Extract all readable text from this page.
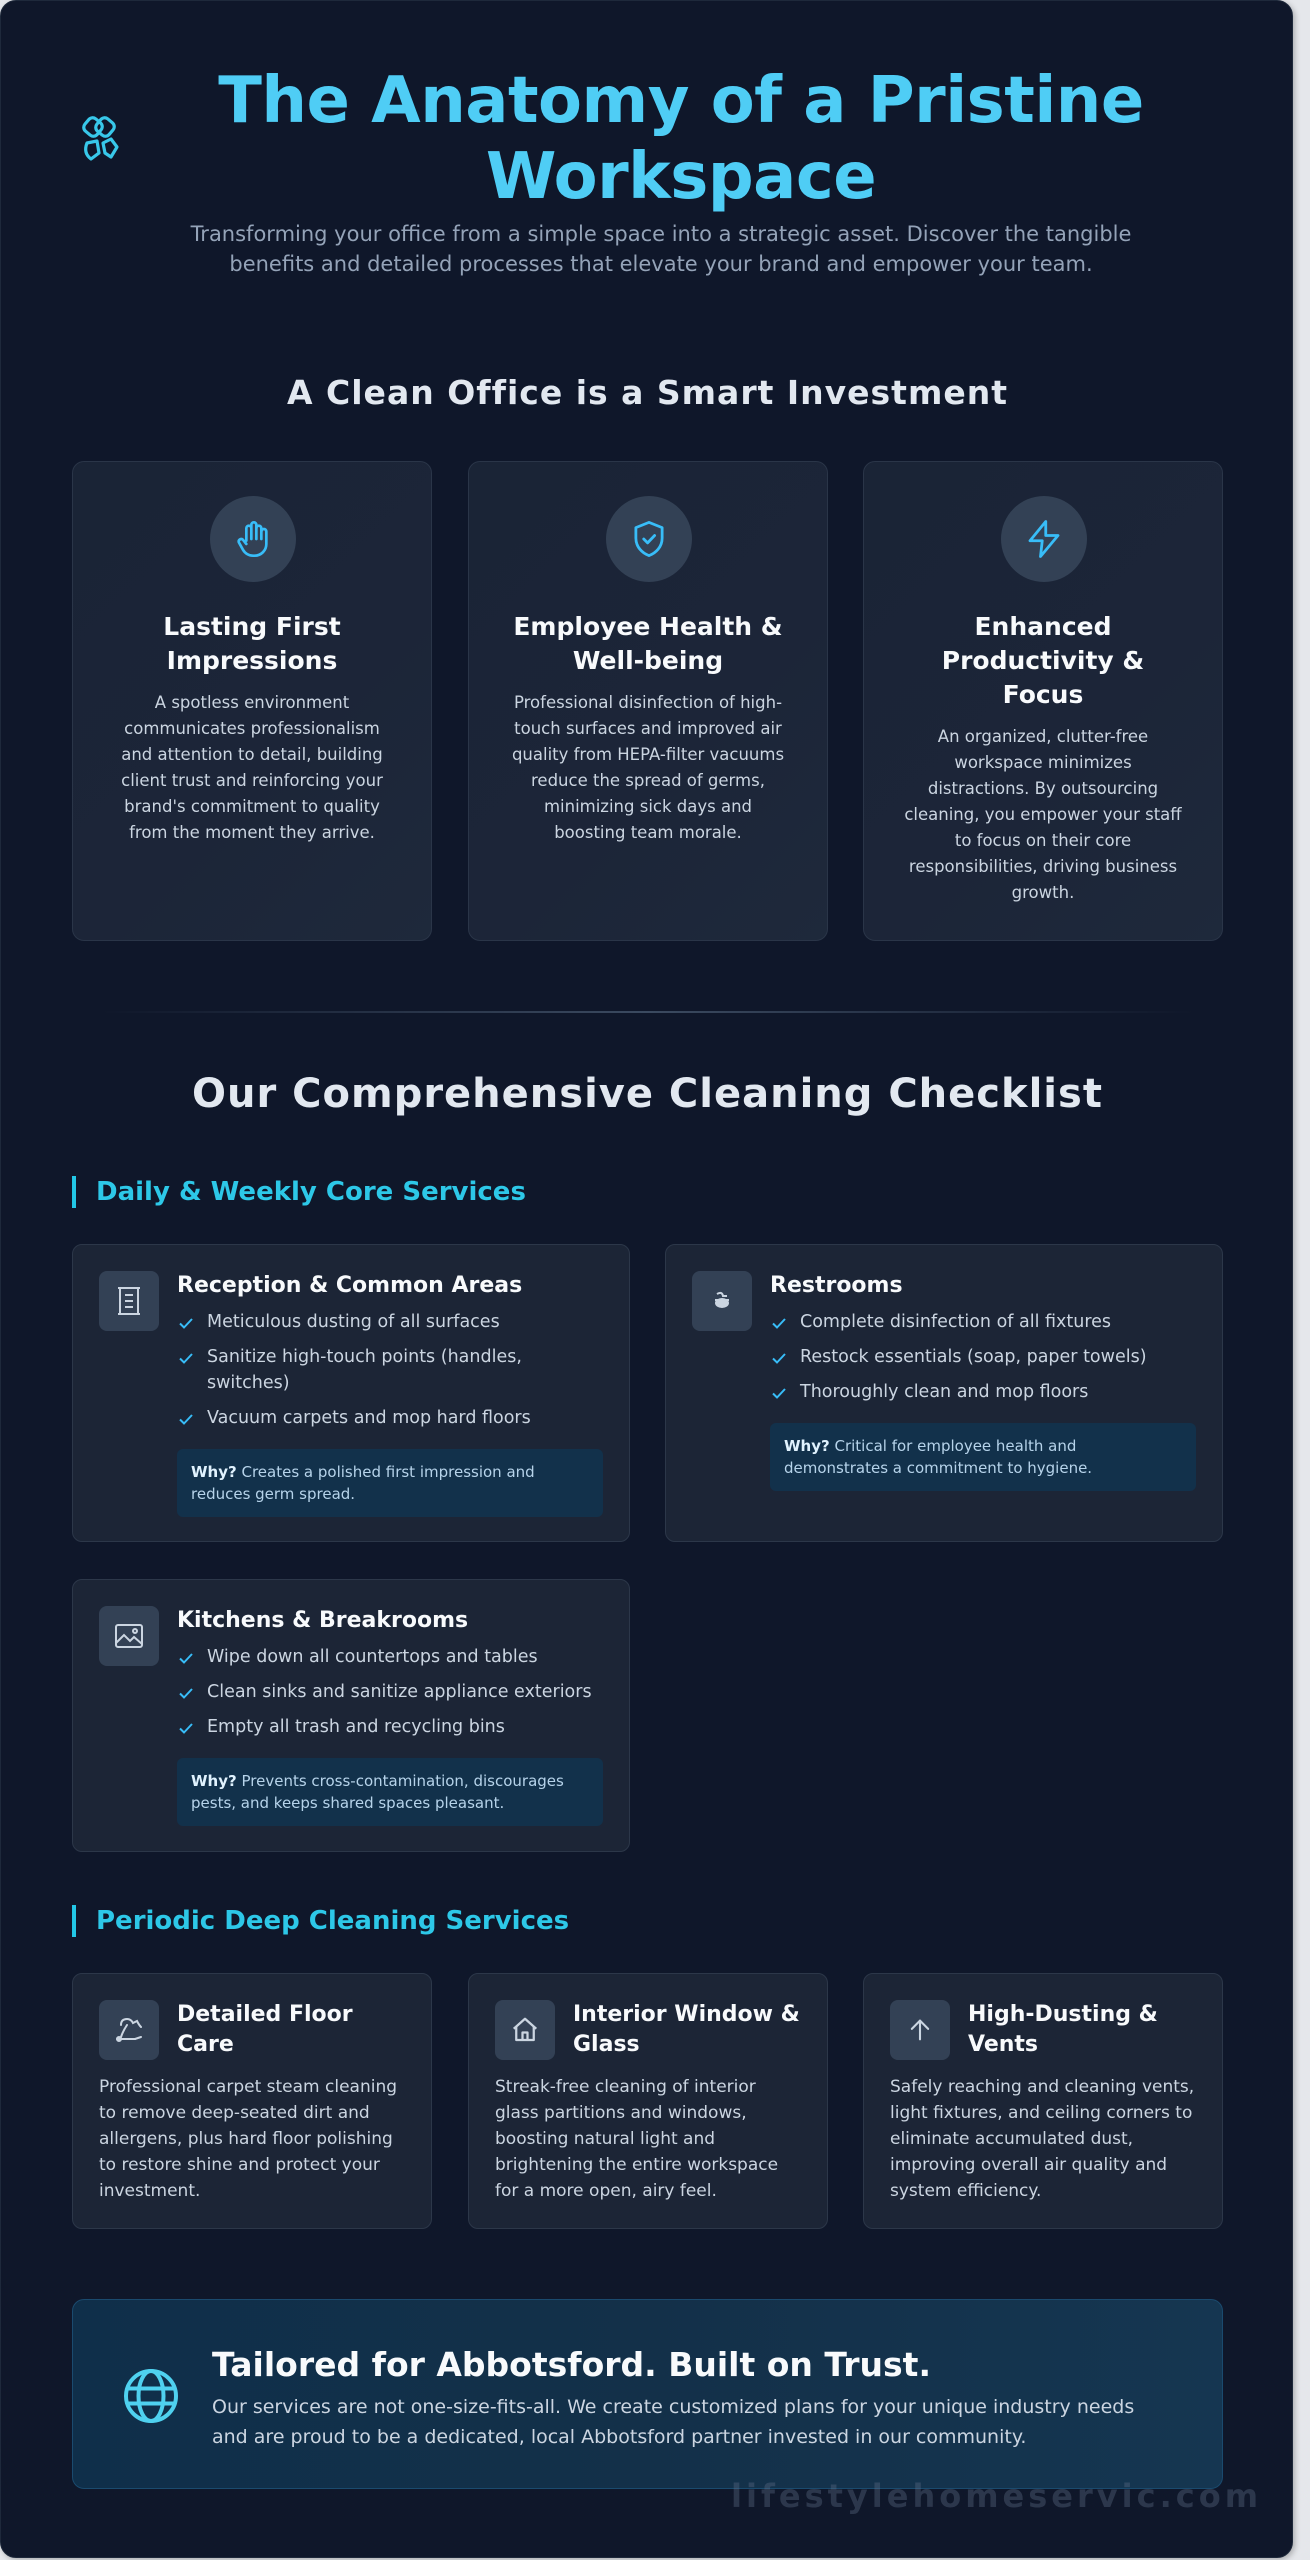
The Anatomy of a Pristine Workspace

Transforming your office from a simple space into a strategic asset. Discover the tangible benefits and detailed processes that elevate your brand and empower your team.

A Clean Office is a Smart Investment
Lasting First Impressions
A spotless environment communicates professionalism and attention to detail, building client trust and reinforcing your brand's commitment to quality from the moment they arrive.
Employee Health & Well-being
Professional disinfection of high-touch surfaces and improved air quality from HEPA-filter vacuums reduce the spread of germs, minimizing sick days and boosting team morale.
Enhanced Productivity & Focus
An organized, clutter-free workspace minimizes distractions. By outsourcing cleaning, you empower your staff to focus on their core responsibilities, driving business growth.
Our Comprehensive Cleaning Checklist
Daily & Weekly Core Services
Reception & Common Areas
Meticulous dusting of all surfaces
Sanitize high-touch points (handles, switches)
Vacuum carpets and mop hard floors
Why? Creates a polished first impression and reduces germ spread.
Restrooms
Complete disinfection of all fixtures
Restock essentials (soap, paper towels)
Thoroughly clean and mop floors
Why? Critical for employee health and demonstrates a commitment to hygiene.
Kitchens & Breakrooms
Wipe down all countertops and tables
Clean sinks and sanitize appliance exteriors
Empty all trash and recycling bins
Why? Prevents cross-contamination, discourages pests, and keeps shared spaces pleasant.
Periodic Deep Cleaning Services
Detailed Floor Care
Professional carpet steam cleaning to remove deep-seated dirt and allergens, plus hard floor polishing to restore shine and protect your investment.
Interior Window & Glass
Streak-free cleaning of interior glass partitions and windows, boosting natural light and brightening the entire workspace for a more open, airy feel.
High-Dusting & Vents
Safely reaching and cleaning vents, light fixtures, and ceiling corners to eliminate accumulated dust, improving overall air quality and system efficiency.
Tailored for Abbotsford. Built on Trust.
Our services are not one-size-fits-all. We create customized plans for your unique industry needs and are proud to be a dedicated, local Abbotsford partner invested in our community.
lifestylehomeservic.com
